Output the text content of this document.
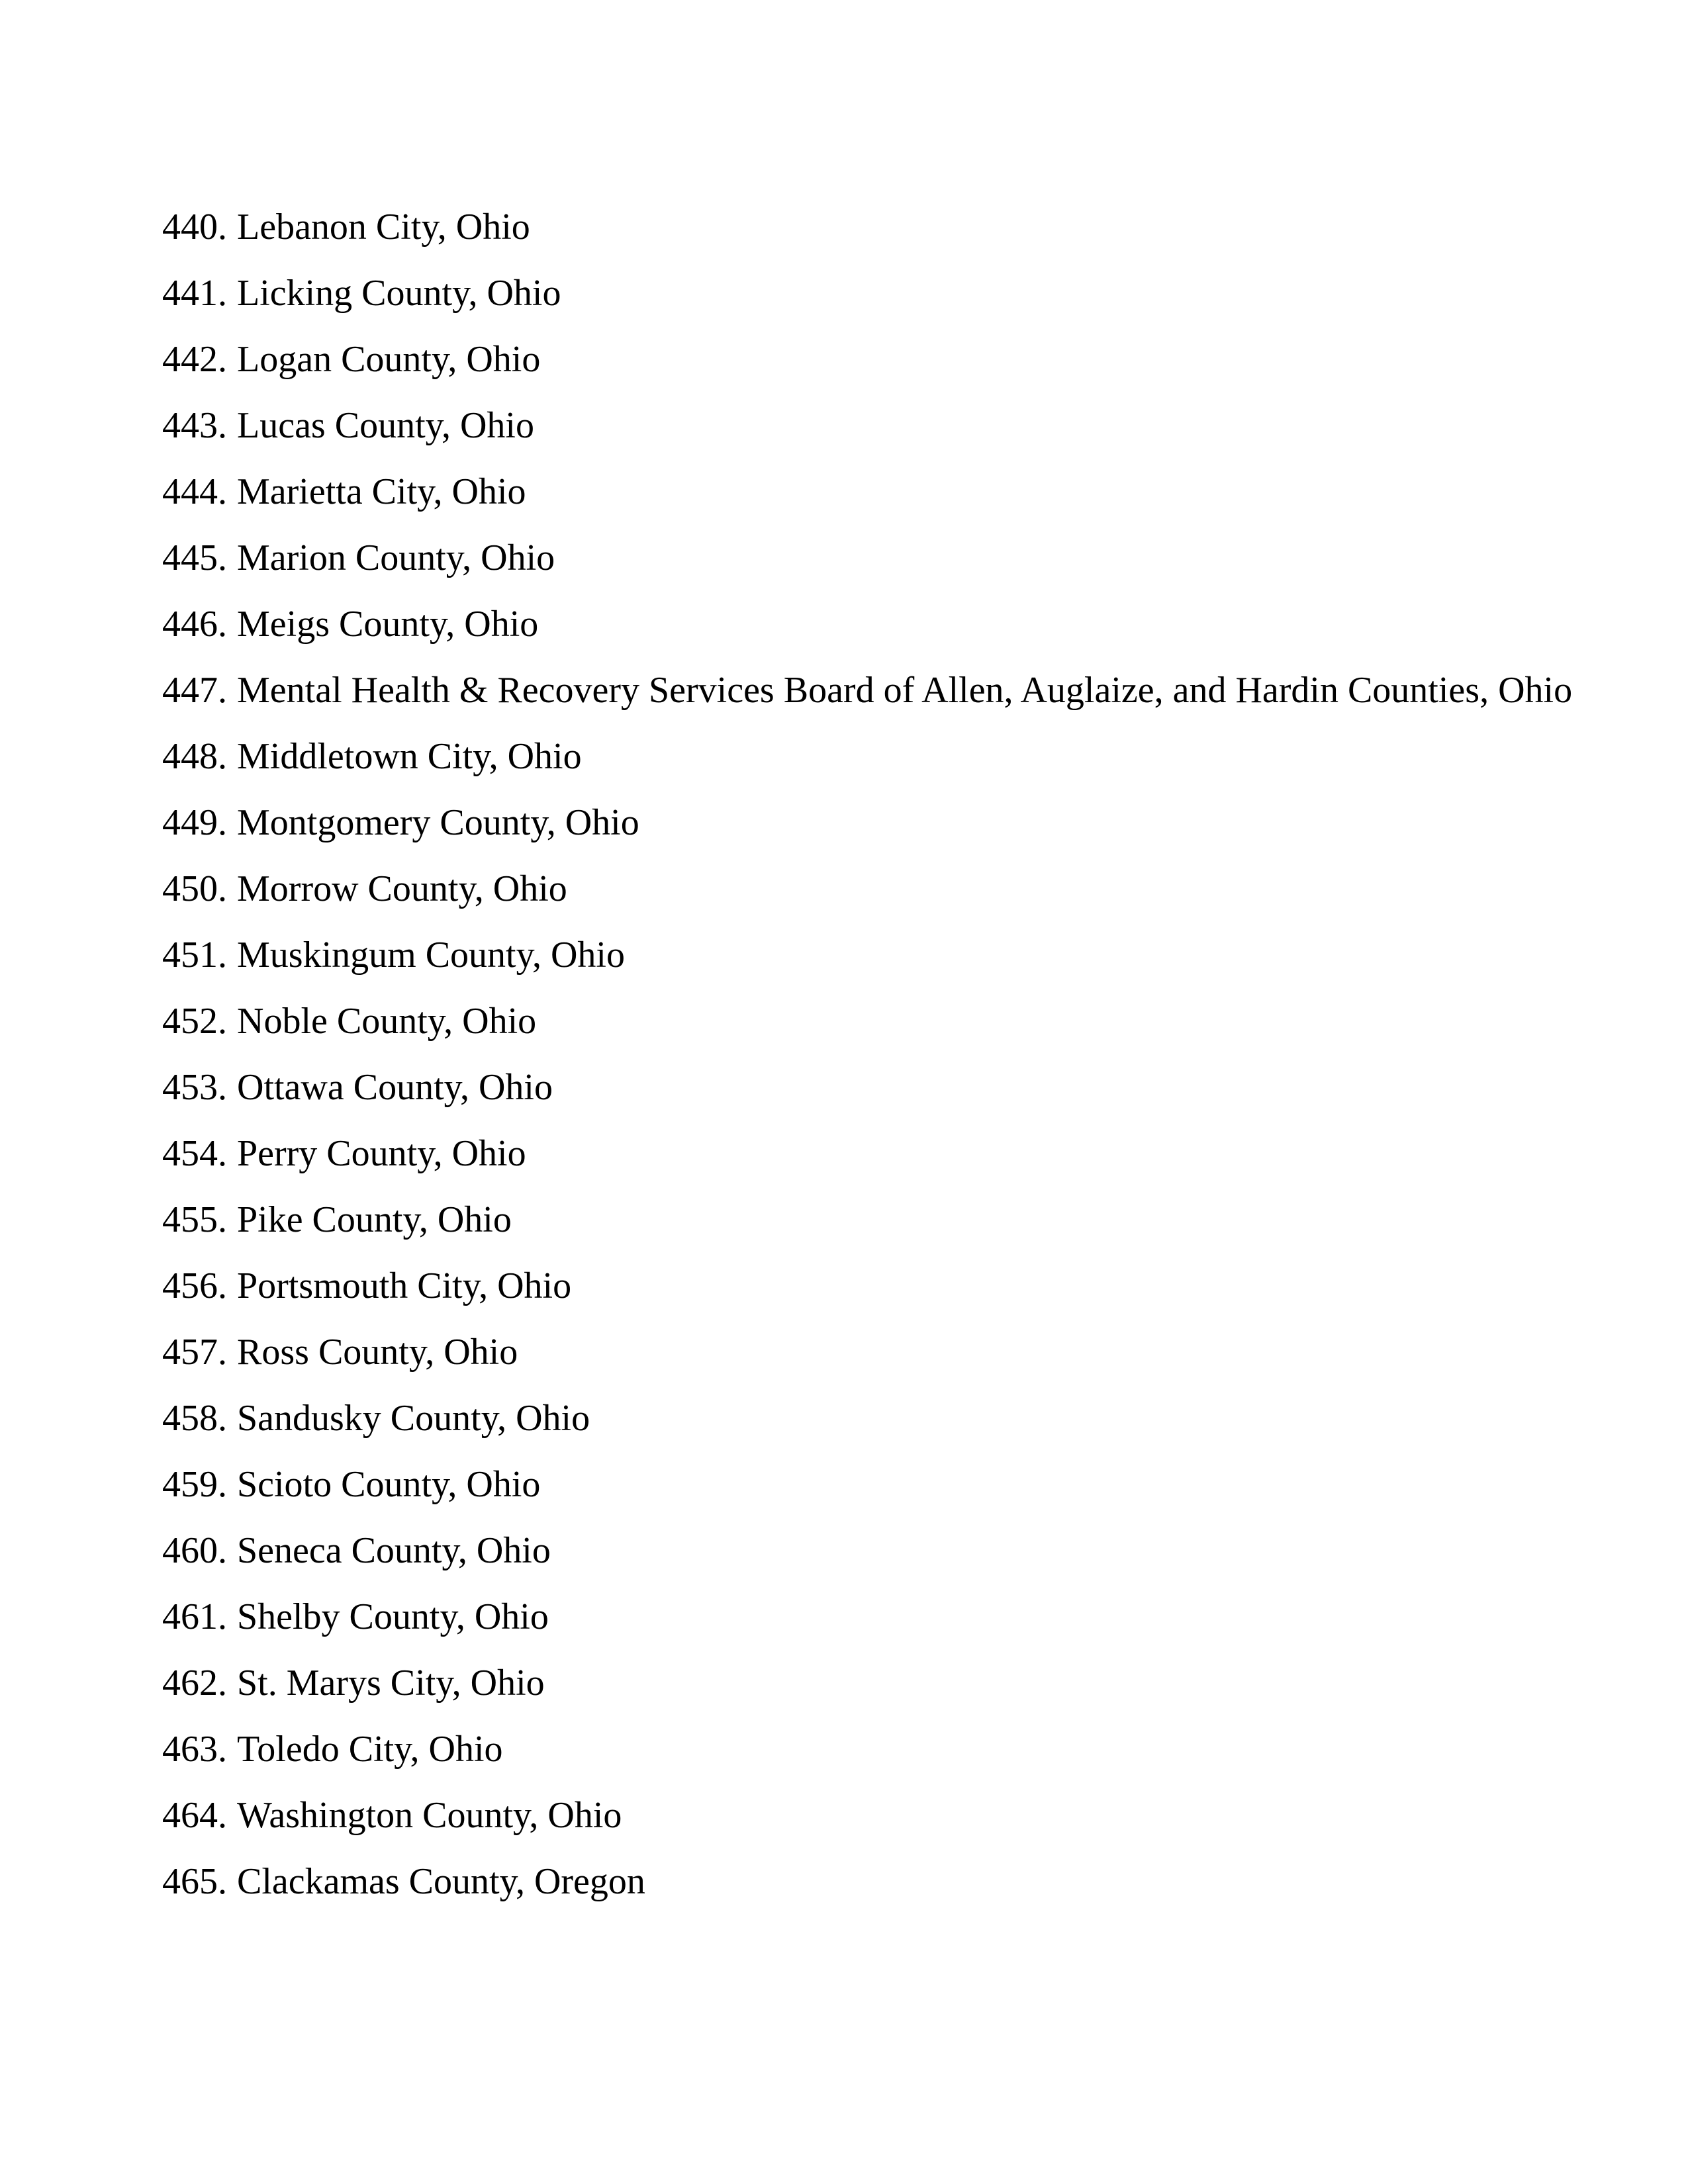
440. Lebanon City, Ohio
441. Licking County, Ohio
442. Logan County, Ohio
443. Lucas County, Ohio
444. Marietta City, Ohio
445. Marion County, Ohio
446. Meigs County, Ohio
447. Mental Health & Recovery Services Board of Allen, Auglaize, and Hardin Counties, Ohio
448. Middletown City, Ohio
449. Montgomery County, Ohio
450. Morrow County, Ohio
451. Muskingum County, Ohio
452. Noble County, Ohio
453. Ottawa County, Ohio
454. Perry County, Ohio
455. Pike County, Ohio
456. Portsmouth City, Ohio
457. Ross County, Ohio
458. Sandusky County, Ohio
459. Scioto County, Ohio
460. Seneca County, Ohio
461. Shelby County, Ohio
462. St. Marys City, Ohio
463. Toledo City, Ohio
464. Washington County, Ohio
465. Clackamas County, Oregon
